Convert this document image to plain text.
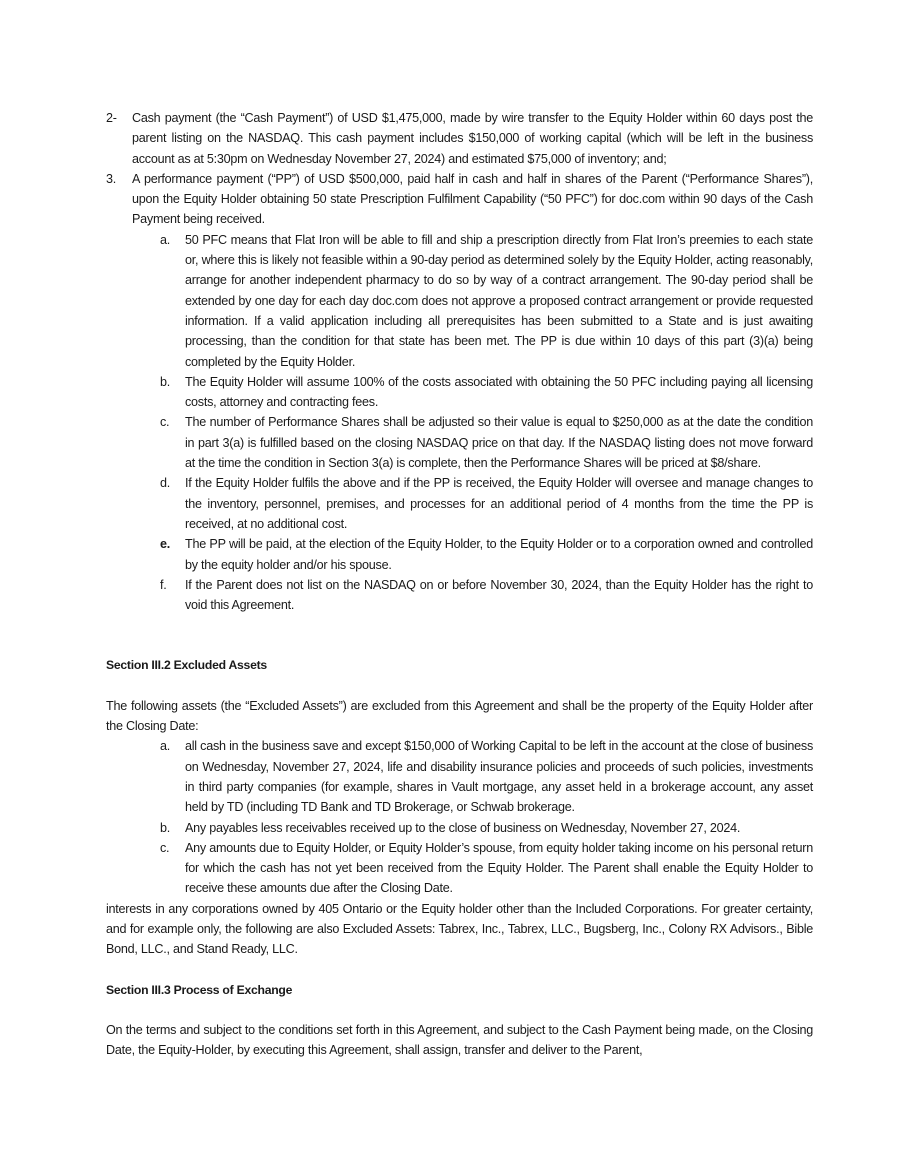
2- Cash payment (the “Cash Payment”) of USD $1,475,000, made by wire transfer to the Equity Holder within 60 days post the parent listing on the NASDAQ. This cash payment includes $150,000 of working capital (which will be left in the business account as at 5:30pm on Wednesday November 27, 2024) and estimated $75,000 of inventory; and;
3. A performance payment (“PP”) of USD $500,000, paid half in cash and half in shares of the Parent (“Performance Shares”), upon the Equity Holder obtaining 50 state Prescription Fulfilment Capability (“50 PFC”) for doc.com within 90 days of the Cash Payment being received.
a. 50 PFC means that Flat Iron will be able to fill and ship a prescription directly from Flat Iron’s preemies to each state or, where this is likely not feasible within a 90-day period as determined solely by the Equity Holder, acting reasonably, arrange for another independent pharmacy to do so by way of a contract arrangement. The 90-day period shall be extended by one day for each day doc.com does not approve a proposed contract arrangement or provide requested information. If a valid application including all prerequisites has been submitted to a State and is just awaiting processing, than the condition for that state has been met. The PP is due within 10 days of this part (3)(a) being completed by the Equity Holder.
b. The Equity Holder will assume 100% of the costs associated with obtaining the 50 PFC including paying all licensing costs, attorney and contracting fees.
c. The number of Performance Shares shall be adjusted so their value is equal to $250,000 as at the date the condition in part 3(a) is fulfilled based on the closing NASDAQ price on that day. If the NASDAQ listing does not move forward at the time the condition in Section 3(a) is complete, then the Performance Shares will be priced at $8/share.
d. If the Equity Holder fulfils the above and if the PP is received, the Equity Holder will oversee and manage changes to the inventory, personnel, premises, and processes for an additional period of 4 months from the time the PP is received, at no additional cost.
e. The PP will be paid, at the election of the Equity Holder, to the Equity Holder or to a corporation owned and controlled by the equity holder and/or his spouse.
f. If the Parent does not list on the NASDAQ on or before November 30, 2024, than the Equity Holder has the right to void this Agreement.

Section III.2 Excluded Assets

The following assets (the “Excluded Assets”) are excluded from this Agreement and shall be the property of the Equity Holder after the Closing Date:

a. all cash in the business save and except $150,000 of Working Capital to be left in the account at the close of business on Wednesday, November 27, 2024, life and disability insurance policies and proceeds of such policies, investments in third party companies (for example, shares in Vault mortgage, any asset held in a brokerage account, any asset held by TD (including TD Bank and TD Brokerage, or Schwab brokerage.
b. Any payables less receivables received up to the close of business on Wednesday, November 27, 2024.
c. Any amounts due to Equity Holder, or Equity Holder’s spouse, from equity holder taking income on his personal return for which the cash has not yet been received from the Equity Holder. The Parent shall enable the Equity Holder to receive these amounts due after the Closing Date.

interests in any corporations owned by 405 Ontario or the Equity holder other than the Included Corporations. For greater certainty, and for example only, the following are also Excluded Assets: Tabrex, Inc., Tabrex, LLC., Bugsberg, Inc., Colony RX Advisors., Bible Bond, LLC., and Stand Ready, LLC.

Section III.3 Process of Exchange

On the terms and subject to the conditions set forth in this Agreement, and subject to the Cash Payment being made, on the Closing Date, the Equity-Holder, by executing this Agreement, shall assign, transfer and deliver to the Parent,
